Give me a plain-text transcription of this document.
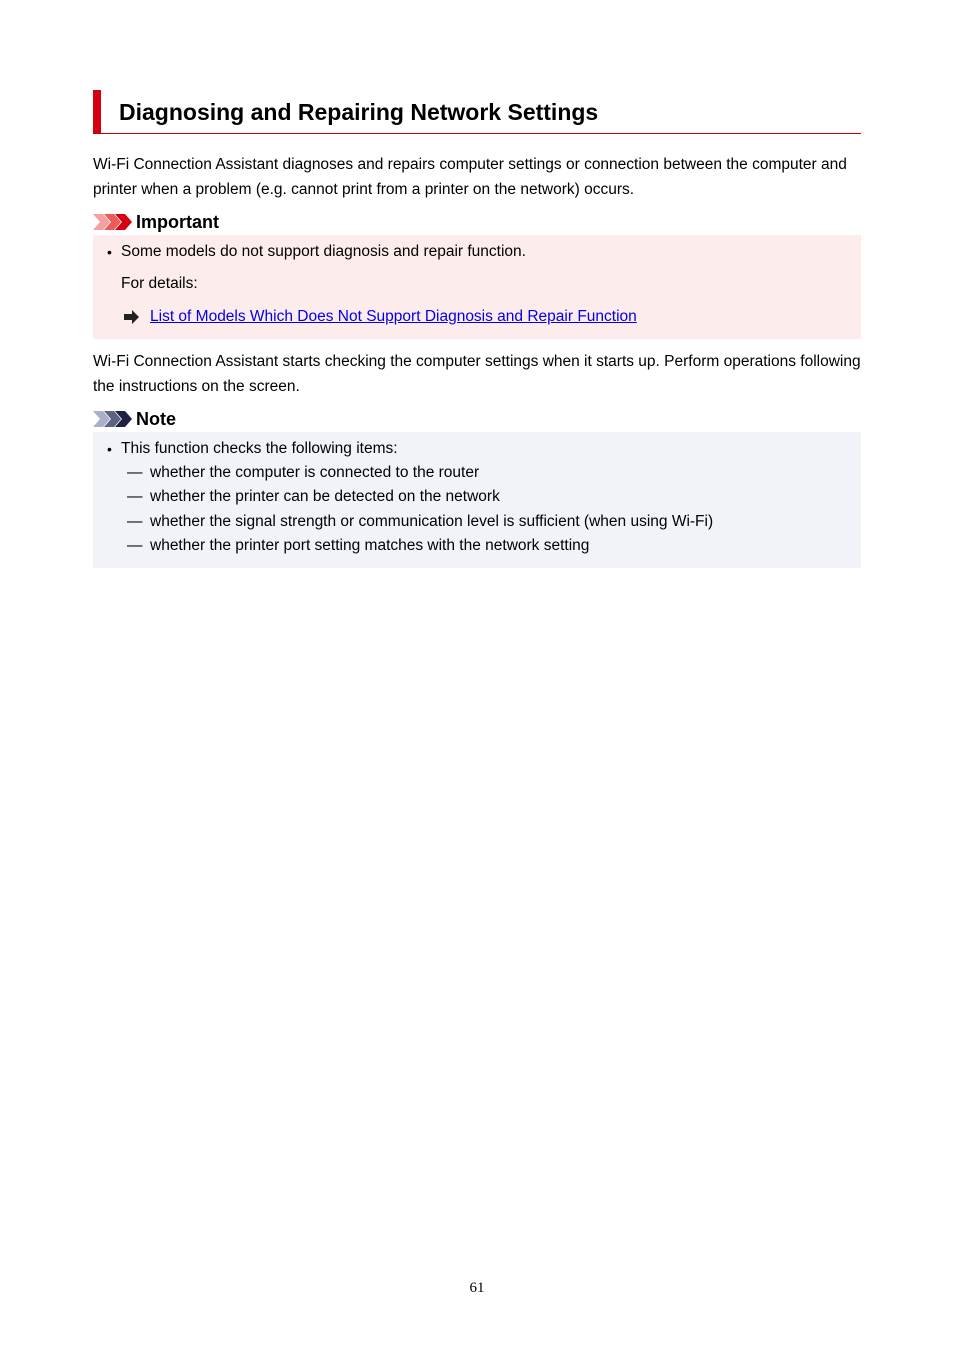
Diagnosing and Repairing Network Settings

Wi-Fi Connection Assistant diagnoses and repairs computer settings or connection between the computer and printer when a problem (e.g. cannot print from a printer on the network) occurs.

Important
• Some models do not support diagnosis and repair function.
For details:
List of Models Which Does Not Support Diagnosis and Repair Function

Wi-Fi Connection Assistant starts checking the computer settings when it starts up. Perform operations following the instructions on the screen.

Note
• This function checks the following items:
— whether the computer is connected to the router
— whether the printer can be detected on the network
— whether the signal strength or communication level is sufficient (when using Wi-Fi)
— whether the printer port setting matches with the network setting
61
